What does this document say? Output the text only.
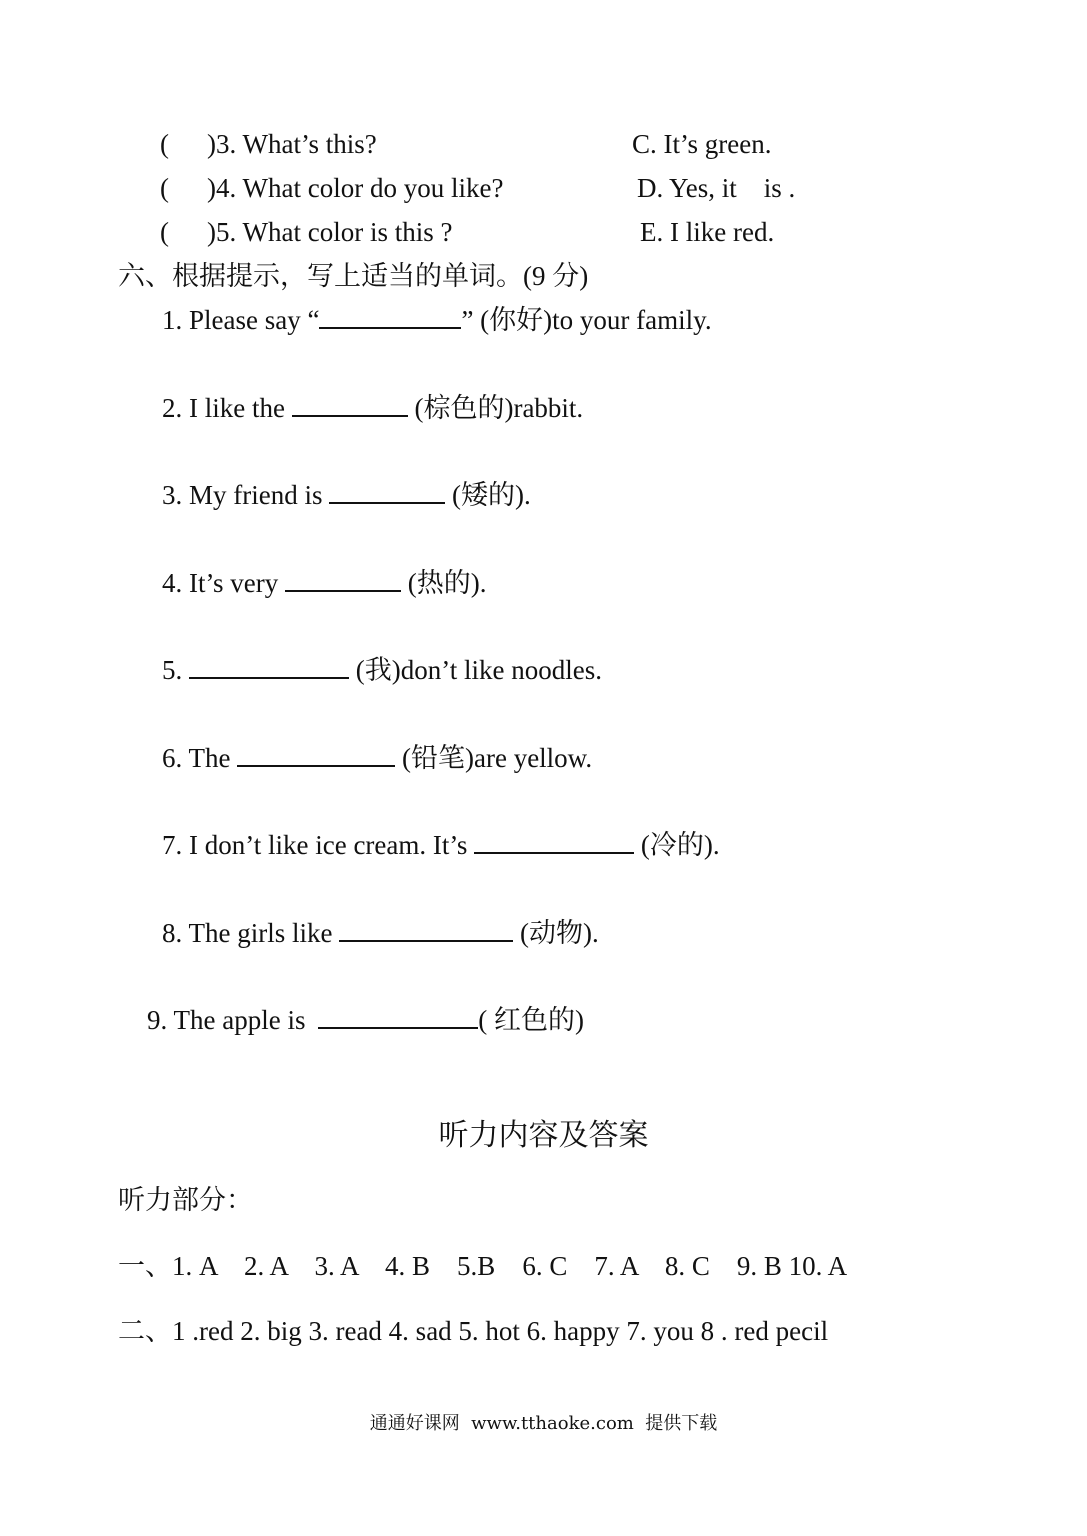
( )3. What’s this?	C. It’s green.
( )4. What color do you like?	D. Yes, it    is .
( )5. What color is this ?	E. I like red.
六、根据提示，写上适当的单词。(9 分)
1. Please say “	” (你好)to your family.
2. I like the	(棕色的)rabbit.
3. My friend is	(矮的).
4. It’s very	(热的).
5.	(我)don’t like noodles.
6. The	(铅笔)are yellow.
7. I don’t like ice cream. It’s	(冷的).
8. The girls like	(动物).
9. The apple is	( 红色的)
听力内容及答案
听力部分：
一、1. A    2. A    3. A    4. B    5.B    6. C    7. A    8. C    9. B 10. A
二、1 .red 2. big 3. read 4. sad 5. hot 6. happy 7. you 8 . red pecil
通通好课网  www.tthaoke.com  提供下载
